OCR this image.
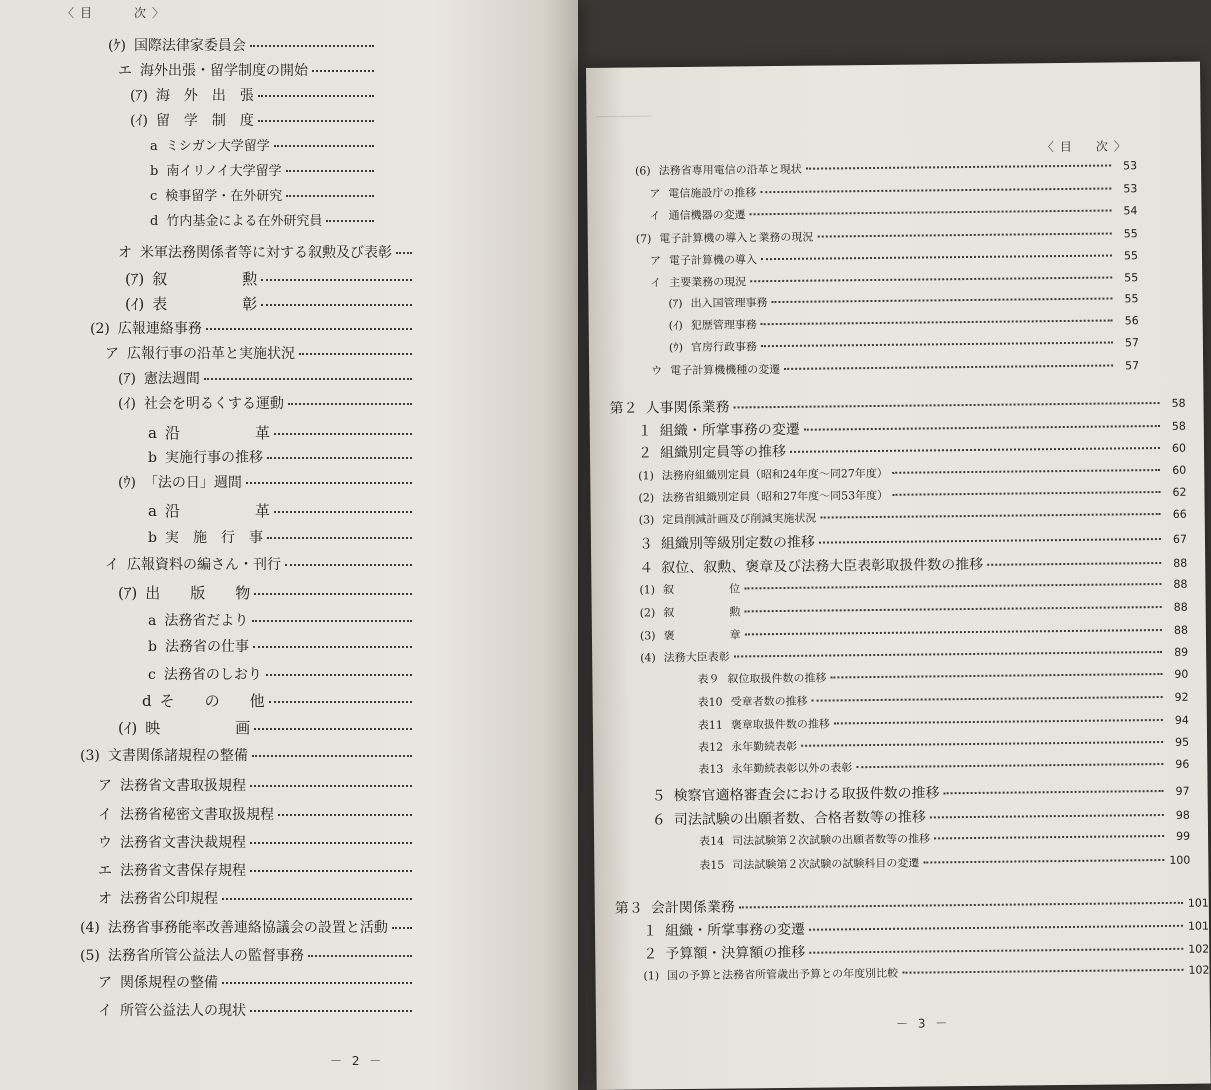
〈目　　次〉
(ｹ) 国際法律家委員会
エ 海外出張・留学制度の開始
(ｱ) 海　外　出　張
(ｲ) 留　学　制　度
a ミシガン大学留学
b 南イリノイ大学留学
c 検事留学・在外研究
d 竹内基金による在外研究員
オ 米軍法務関係者等に対する叙勲及び表彰
(ｱ) 叙　　　　　勲
(ｲ) 表　　　　　彰
(2) 広報連絡事務
ア 広報行事の沿革と実施状況
(ｱ) 憲法週間
(ｲ) 社会を明るくする運動
a 沿　　　　　革
b 実施行事の推移
(ｳ) 「法の日」週間
a 沿　　　　　革
b 実　施　行　事
イ 広報資料の編さん・刊行
(ｱ) 出　　版　　物
a 法務省だより
b 法務省の仕事
c 法務省のしおり
d そ　　の　　他
(ｲ) 映　　　　　画
(3) 文書関係諸規程の整備
ア 法務省文書取扱規程
イ 法務省秘密文書取扱規程
ウ 法務省文書決裁規程
エ 法務省文書保存規程
オ 法務省公印規程
(4) 法務省事務能率改善連絡協議会の設置と活動
(5) 法務省所管公益法人の監督事務
ア 関係規程の整備
イ 所管公益法人の現状
－ 2 －
──────
〈目　次〉
(6) 法務省専用電信の沿革と現状	53
ア 電信施設庁の推移	53
イ 通信機器の変遷	54
(7) 電子計算機の導入と業務の現況	55
ア 電子計算機の導入	55
イ 主要業務の現況	55
(ｱ) 出入国管理事務	55
(ｲ) 犯歴管理事務	56
(ｳ) 官房行政事務	57
ウ 電子計算機機種の変遷	57
第２ 人事関係業務	58
１ 組織・所掌事務の変遷	58
２ 組織別定員等の推移	60
(1) 法務府組織別定員（昭和24年度～同27年度）	60
(2) 法務省組織別定員（昭和27年度～同53年度）	62
(3) 定員削減計画及び削減実施状況	66
３ 組織別等級別定数の推移	67
４ 叙位、叙勲、褒章及び法務大臣表彰取扱件数の推移	88
(1) 叙　　　　　位	88
(2) 叙　　　　　勲	88
(3) 褒　　　　　章	88
(4) 法務大臣表彰	89
表９ 叙位取扱件数の推移	90
表10 受章者数の推移	92
表11 褒章取扱件数の推移	94
表12 永年勤続表彰	95
表13 永年勤続表彰以外の表彰	96
５ 検察官適格審査会における取扱件数の推移	97
６ 司法試験の出願者数、合格者数等の推移	98
表14 司法試験第２次試験の出願者数等の推移	99
表15 司法試験第２次試験の試験科目の変遷	100
第３ 会計関係業務	101
１ 組織・所掌事務の変遷	101
２ 予算額・決算額の推移	102
(1) 国の予算と法務省所管歳出予算との年度別比較	102
－ 3 －
